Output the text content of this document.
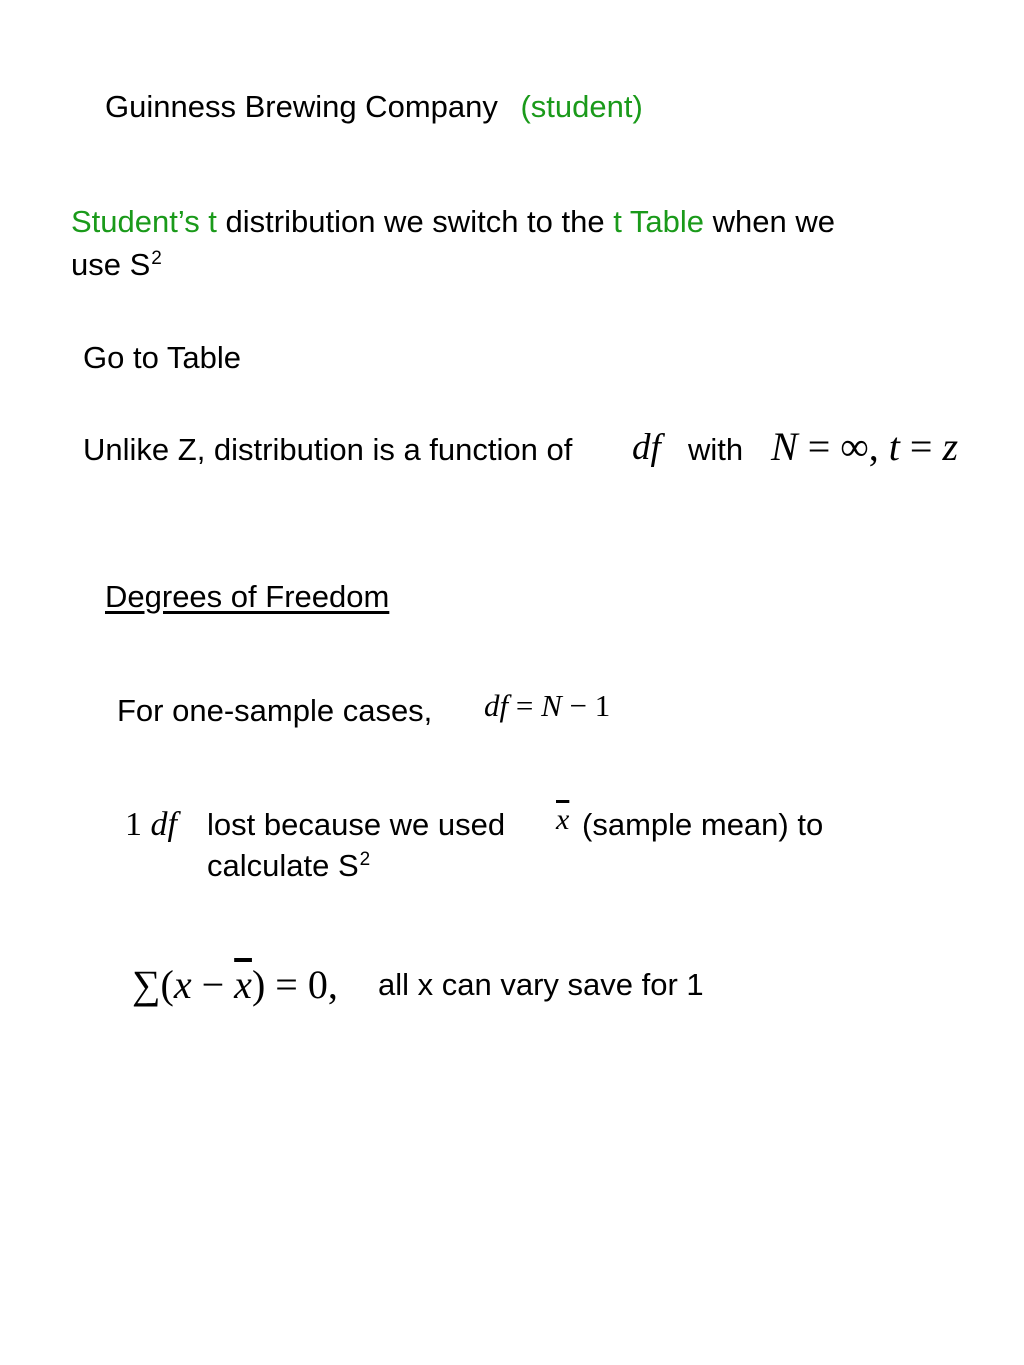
Guinness Brewing Company (student)
Student’s t distribution we switch to the t Table when we
use $S^2$
Go to Table
Unlike Z, distribution is a function of df with N = ∞, t = z
Degrees of Freedom
For one-sample cases, df = N − 1
1 df lost because we used $\overline{x}$ (sample mean) to
calculate $S^2$
$\sum(x - \overline{x}) = 0$, all x can vary save for 1
